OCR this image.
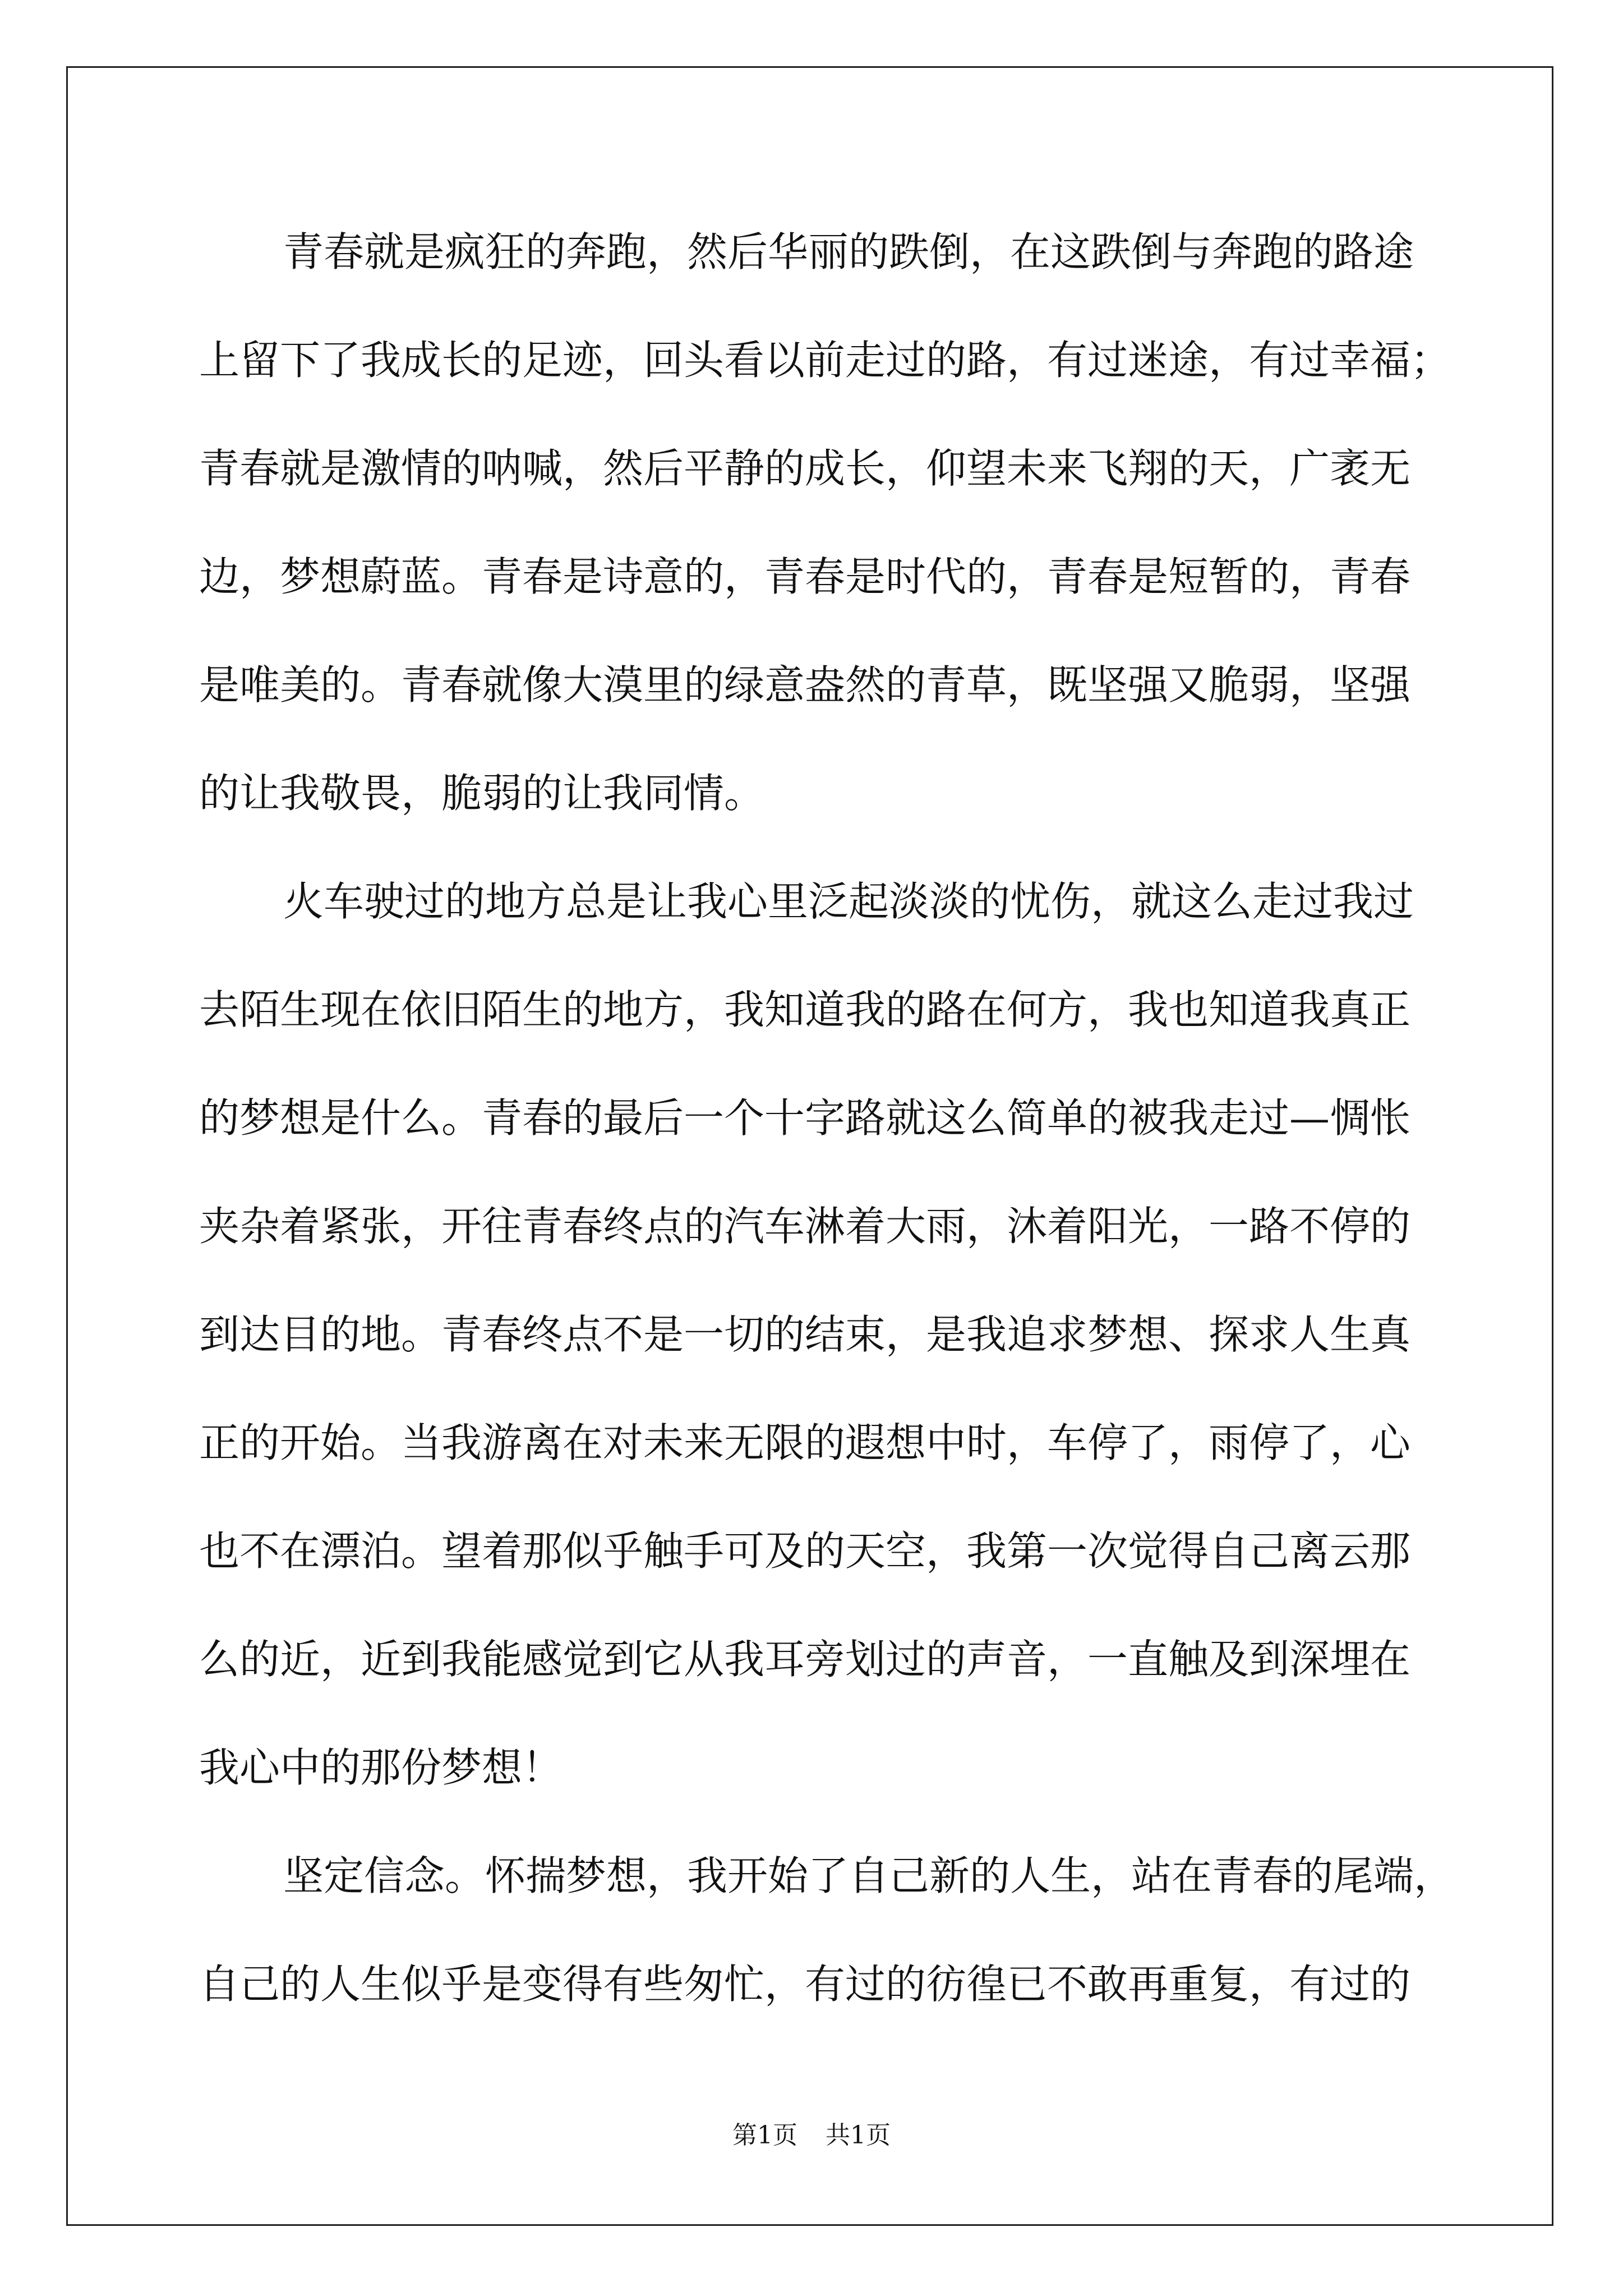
青春就是疯狂的奔跑，然后华丽的跌倒，在这跌倒与奔跑的路途
上留下了我成长的足迹，回头看以前走过的路，有过迷途，有过幸福；
青春就是激情的呐喊，然后平静的成长，仰望未来飞翔的天，广袤无
边，梦想蔚蓝。青春是诗意的，青春是时代的，青春是短暂的，青春
是唯美的。青春就像大漠里的绿意盎然的青草，既坚强又脆弱，坚强
的让我敬畏，脆弱的让我同情。
火车驶过的地方总是让我心里泛起淡淡的忧伤，就这么走过我过
去陌生现在依旧陌生的地方，我知道我的路在何方，我也知道我真正
的梦想是什么。青春的最后一个十字路就这么简单的被我走过—惆怅
夹杂着紧张，开往青春终点的汽车淋着大雨，沐着阳光，一路不停的
到达目的地。青春终点不是一切的结束，是我追求梦想、探求人生真
正的开始。当我游离在对未来无限的遐想中时，车停了，雨停了，心
也不在漂泊。望着那似乎触手可及的天空，我第一次觉得自己离云那
么的近，近到我能感觉到它从我耳旁划过的声音，一直触及到深埋在
我心中的那份梦想！
坚定信念。怀揣梦想，我开始了自己新的人生，站在青春的尾端，
自己的人生似乎是变得有些匆忙，有过的彷徨已不敢再重复，有过的
第1页 共1页
